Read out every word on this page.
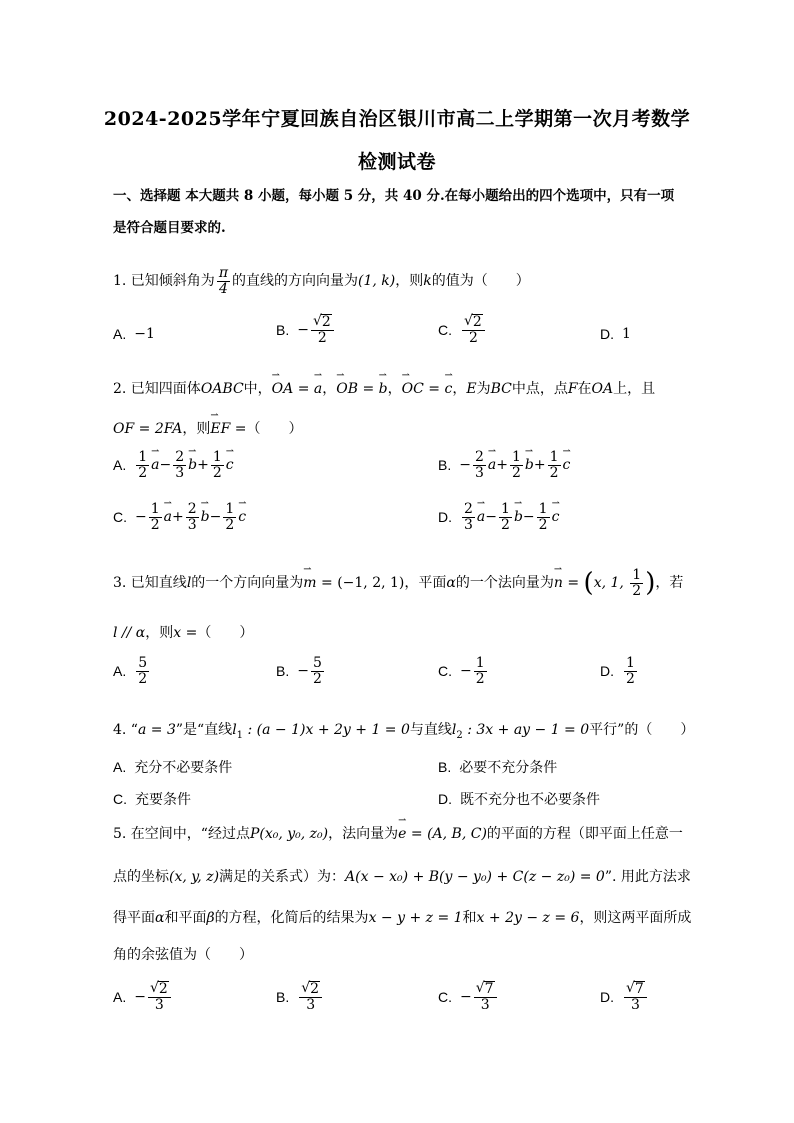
2024-2025学年宁夏回族自治区银川市高二上学期第一次月考数学
检测试卷
一、选择题 本大题共 8 小题，每小题 5 分，共 40 分.在每小题给出的四个选项中，只有一项
是符合题目要求的.
1. 已知倾斜角为 $\frac{\pi}{4}$ 的直线的方向向量为(1, k)，则k的值为（　　）
A. −1	B. − $\frac{√ 2}{2}$	C. $\frac{√ 2}{2}$	D. 1
2. 已知四面体OABC中，⇀ OA = ⇀ a，⇀ OB = ⇀ b，⇀ OC = ⇀ c，E为BC中点，点F在OA上，且
OF = 2FA，则⇀ EF =（　　）
A. $\frac{1}{2}$ ⇀ $a - \frac{2}{3}$ ⇀ $b + \frac{1}{2}$ ⇀ c	B. − $\frac{2}{3}$ ⇀ $a + \frac{1}{2}$ ⇀ $b + \frac{1}{2}$ ⇀ c
C. − $\frac{1}{2}$ ⇀ $a + \frac{2}{3}$ ⇀ $b - \frac{1}{2}$ ⇀ c	D. $\frac{2}{3}$ ⇀ $a - \frac{1}{2}$ ⇀ $b - \frac{1}{2}$ ⇀ c
3. 已知直线l的一个方向向量为⇀ m = (−1, 2, 1)，平面α的一个法向量为⇀ n = (x, 1, $\frac{1}{2}$ )，若
l // α，则x =（　　）
A. $\frac{5}{2}$	B. − $\frac{5}{2}$	C. − $\frac{1}{2}$	D. $\frac{1}{2}$
4. “a = 3”是“直线$l_1$ : (a − 1)x + 2y + 1 = 0与直线$l_2$ : 3x + ay − 1 = 0平行”的（　　）
A. 充分不必要条件	B. 必要不充分条件
C. 充要条件	D. 既不充分也不必要条件
5. 在空间中，“经过点P(x₀, y₀, z₀)，法向量为⇀ e = (A, B, C)的平面的方程（即平面上任意一
点的坐标(x, y, z)满足的关系式）为：A(x − x₀) + B(y − y₀) + C(z − z₀) = 0”. 用此方法求
得平面α和平面β的方程，化简后的结果为x − y + z = 1和x + 2y − z = 6，则这两平面所成
角的余弦值为（　　）
A. − $\frac{√ 2}{3}$	B. $\frac{√ 2}{3}$	C. − $\frac{√ 7}{3}$	D. $\frac{√ 7}{3}$
